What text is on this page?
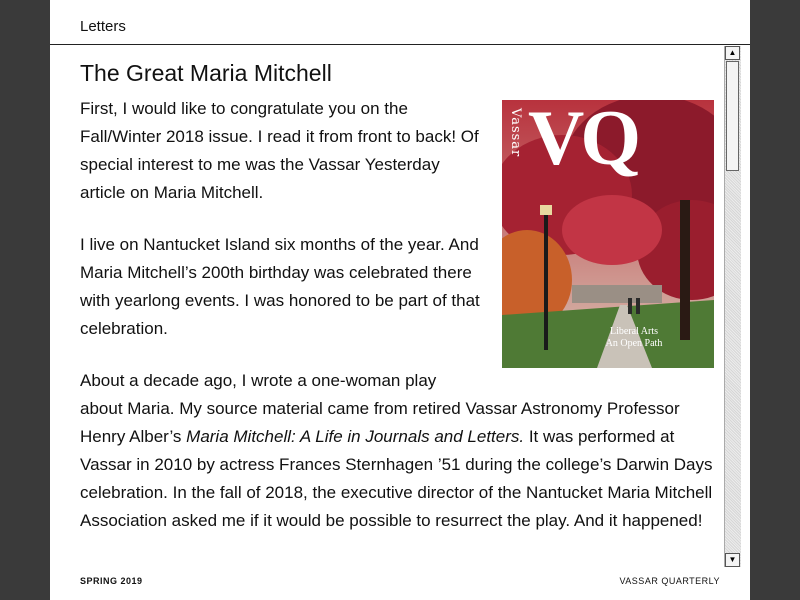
Letters
The Great Maria Mitchell
Vassar VQ
Liberal Arts
An Open Path

First, I would like to congratulate you on the Fall/Winter 2018 issue. I read it from front to back! Of special interest to me was the Vassar Yesterday article on Maria Mitchell.

I live on Nantucket Island six months of the year. And Maria Mitchell’s 200th birthday was celebrated there with yearlong events. I was honored to be part of that celebration.

About a decade ago, I wrote a one-woman play about Maria. My source material came from retired Vassar Astronomy Professor Henry Alber’s Maria Mitchell: A Life in Journals and Letters. It was performed at Vassar in 2010 by actress Frances Sternhagen ’51 during the college’s Darwin Days celebration. In the fall of 2018, the executive director of the Nantucket Maria Mitchell Association asked me if it would be possible to resurrect the play. And it happened!

▲
▼
SPRING 2019	VASSAR QUARTERLY
